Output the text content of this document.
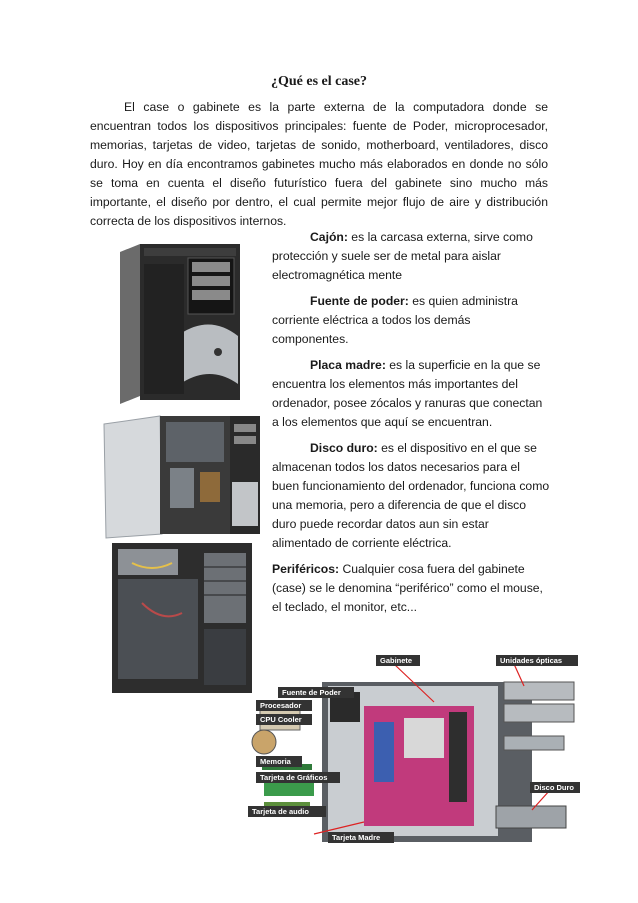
¿Qué es el case?

El case o gabinete es la parte externa de la computadora donde se encuentran todos los dispositivos principales: fuente de Poder, microprocesador, memorias, tarjetas de video, tarjetas de sonido, motherboard, ventiladores, disco duro. Hoy en día encontramos gabinetes mucho más elaborados en donde no sólo se toma en cuenta el diseño futurístico fuera del gabinete sino mucho más importante, el diseño por dentro, el cual permite mejor flujo de aire y distribución correcta de los dispositivos internos.

Cajón: es la carcasa externa, sirve como protección y suele ser de metal para aislar electromagnética mente

Fuente de poder: es quien administra corriente eléctrica a todos los demás componentes.

Placa madre: es la superficie en la que se encuentra los elementos más importantes del ordenador, posee zócalos y ranuras que conectan a los elementos que aquí se encuentran.

Disco duro: es el dispositivo en el que se almacenan todos los datos necesarios para el buen funcionamiento del ordenador, funciona como una memoria, pero a diferencia de que el disco duro puede recordar datos aun sin estar alimentado de corriente eléctrica.

Periféricos: Cualquier cosa fuera del gabinete (case) se le denomina “periférico” como el mouse, el teclado, el monitor, etc...

Gabinete	Unidades ópticas
Fuente de Poder
Procesador
CPU Cooler
Memoria
Tarjeta de Gráficos
Tarjeta de audio
Tarjeta Madre
Disco Duro
